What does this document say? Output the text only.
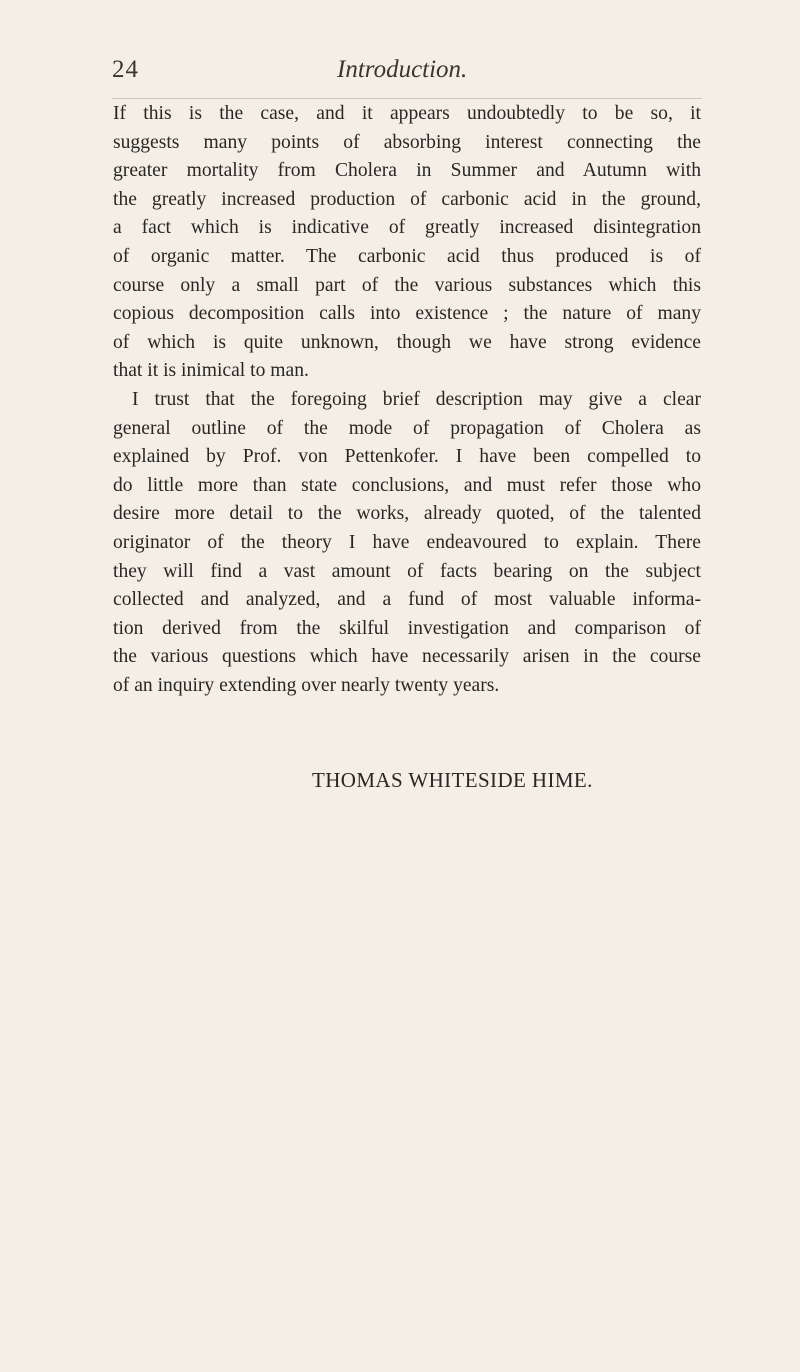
24	Introduction.
If this is the case, and it appears undoubtedly to be so, it
suggests many points of absorbing interest connecting the
greater mortality from Cholera in Summer and Autumn with
the greatly increased production of carbonic acid in the ground,
a fact which is indicative of greatly increased disintegration
of organic matter. The carbonic acid thus produced is of
course only a small part of the various substances which this
copious decomposition calls into existence ; the nature of many
of which is quite unknown, though we have strong evidence
that it is inimical to man.
I trust that the foregoing brief description may give a clear
general outline of the mode of propagation of Cholera as
explained by Prof. von Pettenkofer. I have been compelled to
do little more than state conclusions, and must refer those who
desire more detail to the works, already quoted, of the talented
originator of the theory I have endeavoured to explain. There
they will find a vast amount of facts bearing on the subject
collected and analyzed, and a fund of most valuable informa-
tion derived from the skilful investigation and comparison of
the various questions which have necessarily arisen in the course
of an inquiry extending over nearly twenty years.
THOMAS WHITESIDE HIME.
